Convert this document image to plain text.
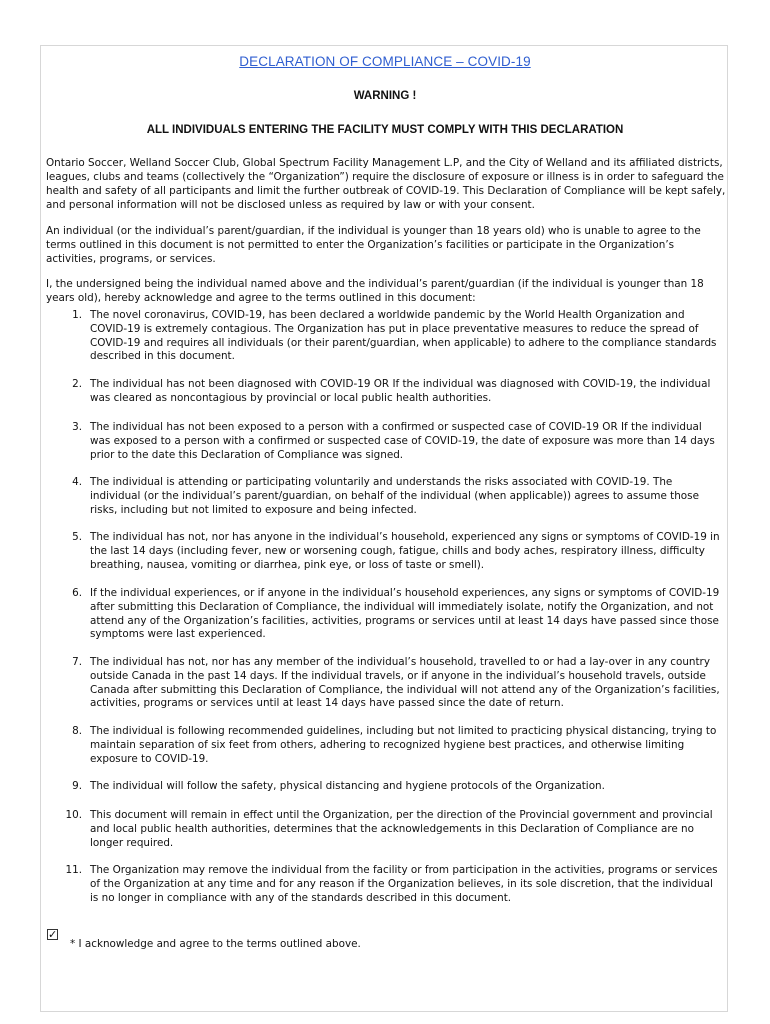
DECLARATION OF COMPLIANCE – COVID-19
WARNING !
ALL INDIVIDUALS ENTERING THE FACILITY MUST COMPLY WITH THIS DECLARATION

Ontario Soccer, Welland Soccer Club, Global Spectrum Facility Management L.P, and the City of Welland and its affiliated districts, leagues, clubs and teams (collectively the “Organization”) require the disclosure of exposure or illness is in order to safeguard the health and safety of all participants and limit the further outbreak of COVID-19. This Declaration of Compliance will be kept safely, and personal information will not be disclosed unless as required by law or with your consent.

An individual (or the individual’s parent/guardian, if the individual is younger than 18 years old) who is unable to agree to the terms outlined in this document is not permitted to enter the Organization’s facilities or participate in the Organization’s activities, programs, or services.

I, the undersigned being the individual named above and the individual’s parent/guardian (if the individual is younger than 18 years old), hereby acknowledge and agree to the terms outlined in this document:

1. The novel coronavirus, COVID-19, has been declared a worldwide pandemic by the World Health Organization and COVID-19 is extremely contagious. The Organization has put in place preventative measures to reduce the spread of COVID-19 and requires all individuals (or their parent/guardian, when applicable) to adhere to the compliance standards described in this document.
2. The individual has not been diagnosed with COVID-19 OR If the individual was diagnosed with COVID-19, the individual was cleared as noncontagious by provincial or local public health authorities.
3. The individual has not been exposed to a person with a confirmed or suspected case of COVID-19 OR If the individual was exposed to a person with a confirmed or suspected case of COVID-19, the date of exposure was more than 14 days prior to the date this Declaration of Compliance was signed.
4. The individual is attending or participating voluntarily and understands the risks associated with COVID-19. The individual (or the individual’s parent/guardian, on behalf of the individual (when applicable)) agrees to assume those risks, including but not limited to exposure and being infected.
5. The individual has not, nor has anyone in the individual’s household, experienced any signs or symptoms of COVID-19 in the last 14 days (including fever, new or worsening cough, fatigue, chills and body aches, respiratory illness, difficulty breathing, nausea, vomiting or diarrhea, pink eye, or loss of taste or smell).
6. If the individual experiences, or if anyone in the individual’s household experiences, any signs or symptoms of COVID-19 after submitting this Declaration of Compliance, the individual will immediately isolate, notify the Organization, and not attend any of the Organization’s facilities, activities, programs or services until at least 14 days have passed since those symptoms were last experienced.
7. The individual has not, nor has any member of the individual’s household, travelled to or had a lay-over in any country outside Canada in the past 14 days. If the individual travels, or if anyone in the individual’s household travels, outside Canada after submitting this Declaration of Compliance, the individual will not attend any of the Organization’s facilities, activities, programs or services until at least 14 days have passed since the date of return.
8. The individual is following recommended guidelines, including but not limited to practicing physical distancing, trying to maintain separation of six feet from others, adhering to recognized hygiene best practices, and otherwise limiting exposure to COVID-19.
9. The individual will follow the safety, physical distancing and hygiene protocols of the Organization.
10. This document will remain in effect until the Organization, per the direction of the Provincial government and provincial and local public health authorities, determines that the acknowledgements in this Declaration of Compliance are no longer required.
11. The Organization may remove the individual from the facility or from participation in the activities, programs or services of the Organization at any time and for any reason if the Organization believes, in its sole discretion, that the individual is no longer in compliance with any of the standards described in this document.
✓
* I acknowledge and agree to the terms outlined above.
